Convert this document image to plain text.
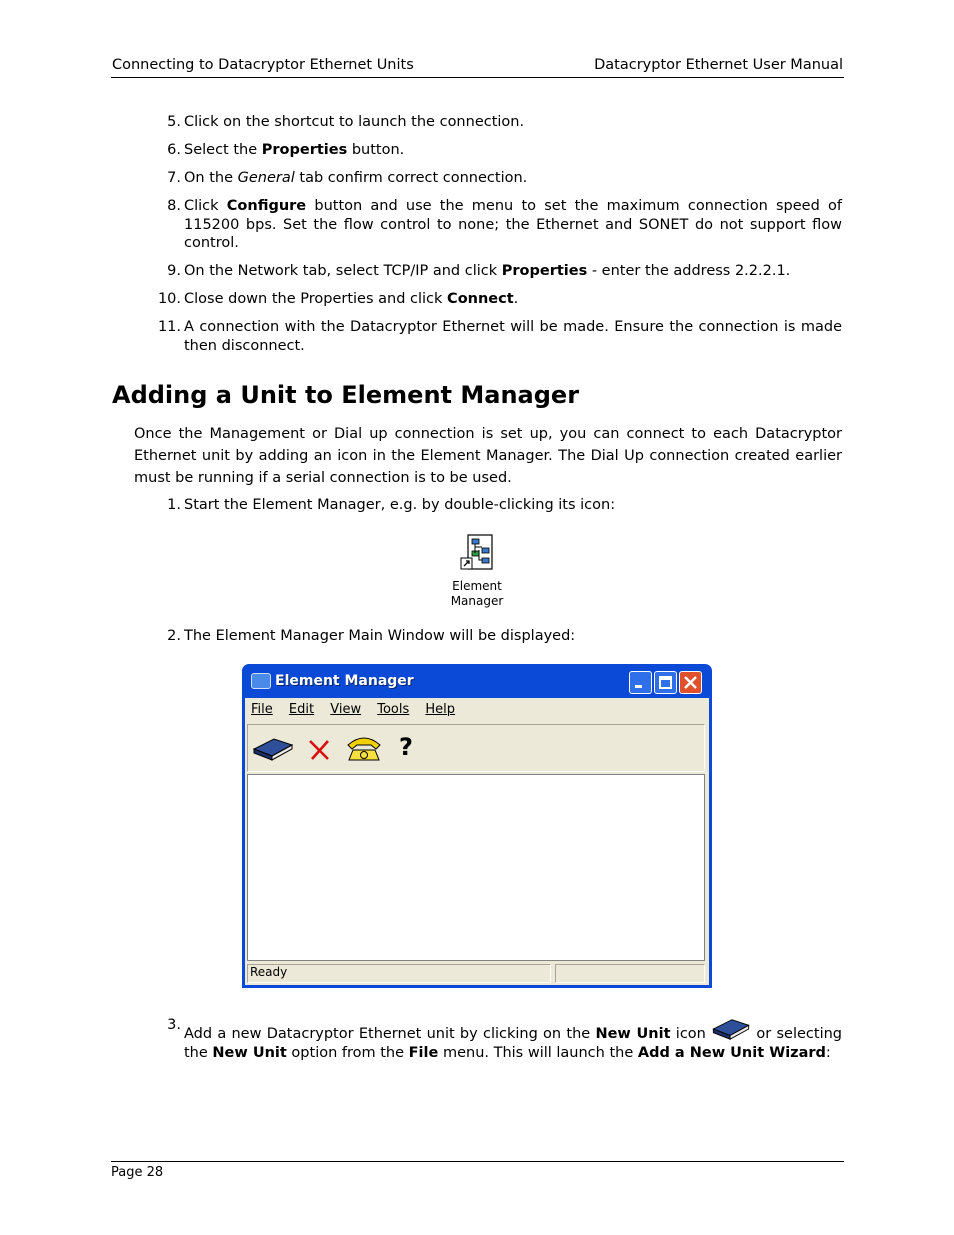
Connecting to Datacryptor Ethernet Units	Datacryptor Ethernet User Manual
5. Click on the shortcut to launch the connection.
6. Select the Properties button.
7. On the General tab confirm correct connection.
8. Click Configure button and use the menu to set the maximum connection speed of 115200 bps. Set the flow control to none; the Ethernet and SONET do not support flow control.
9. On the Network tab, select TCP/IP and click Properties - enter the address 2.2.2.1.
10. Close down the Properties and click Connect.
11. A connection with the Datacryptor Ethernet will be made. Ensure the connection is made then disconnect.
Adding a Unit to Element Manager

Once the Management or Dial up connection is set up, you can connect to each Datacryptor Ethernet unit by adding an icon in the Element Manager. The Dial Up connection created earlier must be running if a serial connection is to be used.

1. Start the Element Manager, e.g. by double-clicking its icon:
Element
Manager
2. The Element Manager Main Window will be displayed:
Element Manager
File Edit View Tools Help
?
Ready
3.
Add a new Datacryptor Ethernet unit by clicking on the New Unit icon	or selecting the New Unit option from the File menu. This will launch the Add a New Unit Wizard:
Page 28
